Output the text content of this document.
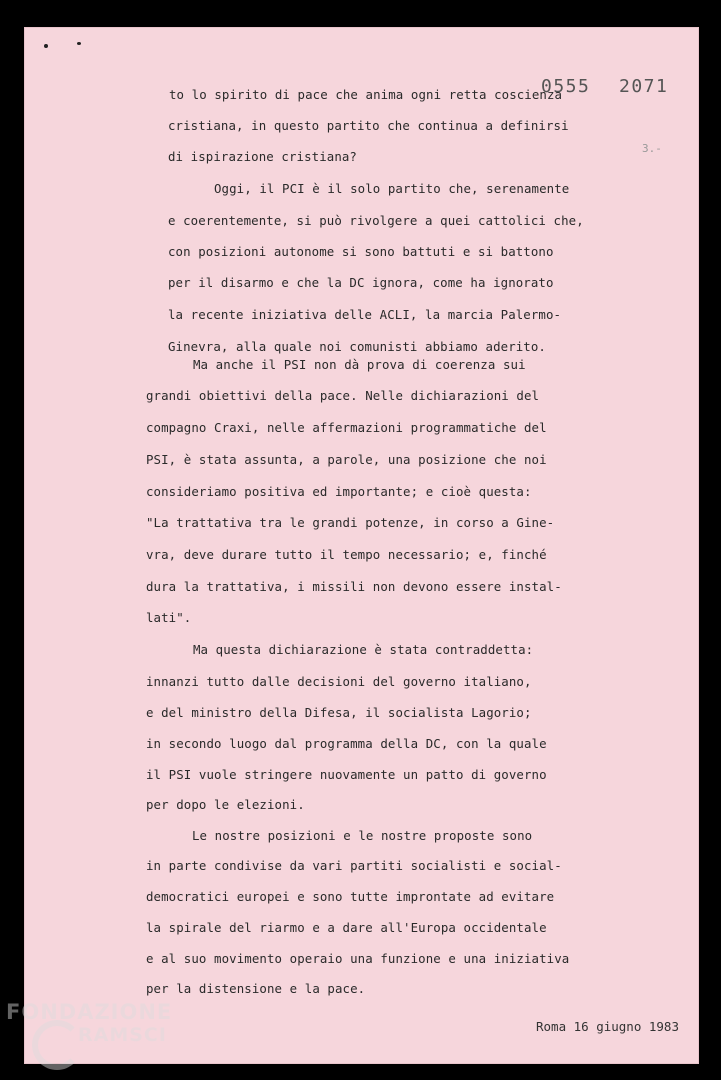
0555 2071
3.-
to lo spirito di pace che anima ogni retta coscienza
cristiana, in questo partito che continua a definirsi
di ispirazione cristiana?
Oggi, il PCI è il solo partito che, serenamente
e coerentemente, si può rivolgere a quei cattolici che,
con posizioni autonome si sono battuti e si battono
per il disarmo e che la DC ignora, come ha ignorato
la recente iniziativa delle ACLI, la marcia Palermo-
Ginevra, alla quale noi comunisti abbiamo aderito.
Ma anche il PSI non dà prova di coerenza sui
grandi obiettivi della pace. Nelle dichiarazioni del
compagno Craxi, nelle affermazioni programmatiche del
PSI, è stata assunta, a parole, una posizione che noi
consideriamo positiva ed importante; e cioè questa:
"La trattativa tra le grandi potenze, in corso a Gine-
vra, deve durare tutto il tempo necessario; e, finché
dura la trattativa, i missili non devono essere instal-
lati".
Ma questa dichiarazione è stata contraddetta:
innanzi tutto dalle decisioni del governo italiano,
e del ministro della Difesa, il socialista Lagorio;
in secondo luogo dal programma della DC, con la quale
il PSI vuole stringere nuovamente un patto di governo
per dopo le elezioni.
Le nostre posizioni e le nostre proposte sono
in parte condivise da vari partiti socialisti e social-
democratici europei e sono tutte improntate ad evitare
la spirale del riarmo e a dare all'Europa occidentale
e al suo movimento operaio una funzione e una iniziativa
per la distensione e la pace.
Roma 16 giugno 1983
FONDAZIONE
RAMSCI
